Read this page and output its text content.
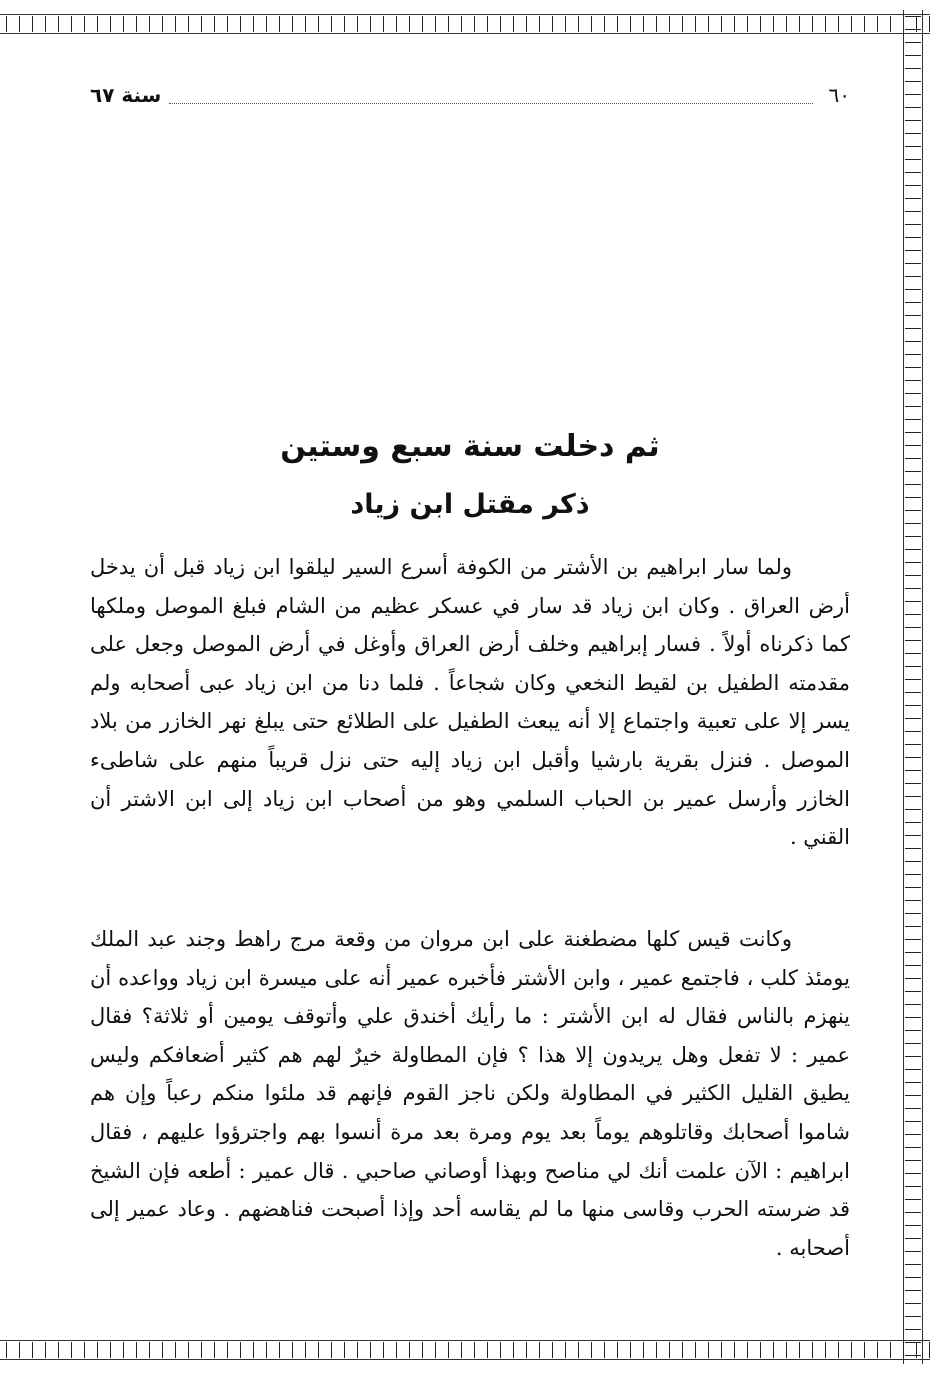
٦٠
سنة ٦٧
ثم دخلت سنة سبع وستين
ذكر مقتل ابن زياد

ولما سار ابراهيم بن الأشتر من الكوفة أسرع السير ليلقوا ابن زياد قبل أن يدخل أرض العراق . وكان ابن زياد قد سار في عسكر عظيم من الشام فبلغ الموصل وملكها كما ذكرناه أولاً . فسار إبراهيم وخلف أرض العراق وأوغل في أرض الموصل وجعل على مقدمته الطفيل بن لقيط النخعي وكان شجاعاً . فلما دنا من ابن زياد عبى أصحابه ولم يسر إلا على تعبية واجتماع إلا أنه يبعث الطفيل على الطلائع حتى يبلغ نهر الخازر من بلاد الموصل . فنزل بقرية بارشيا وأقبل ابن زياد إليه حتى نزل قريباً منهم على شاطىء الخازر وأرسل عمير بن الحباب السلمي وهو من أصحاب ابن زياد إلى ابن الاشتر أن القني .

وكانت قيس كلها مضطغنة على ابن مروان من وقعة مرج راهط وجند عبد الملك يومئذ كلب ، فاجتمع عمير ، وابن الأشتر فأخبره عمير أنه على ميسرة ابن زياد وواعده أن ينهزم بالناس فقال له ابن الأشتر : ما رأيك أخندق علي وأتوقف يومين أو ثلاثة؟ فقال عمير : لا تفعل وهل يريدون إلا هذا ؟ فإن المطاولة خيرٌ لهم هم كثير أضعافكم وليس يطيق القليل الكثير في المطاولة ولكن ناجز القوم فإنهم قد ملئوا منكم رعباً وإن هم شاموا أصحابك وقاتلوهم يوماً بعد يوم ومرة بعد مرة أنسوا بهم واجترؤوا عليهم ، فقال ابراهيم : الآن علمت أنك لي مناصح وبهذا أوصاني صاحبي . قال عمير : أطعه فإن الشيخ قد ضرسته الحرب وقاسى منها ما لم يقاسه أحد وإذا أصبحت فناهضهم . وعاد عمير إلى أصحابه .
